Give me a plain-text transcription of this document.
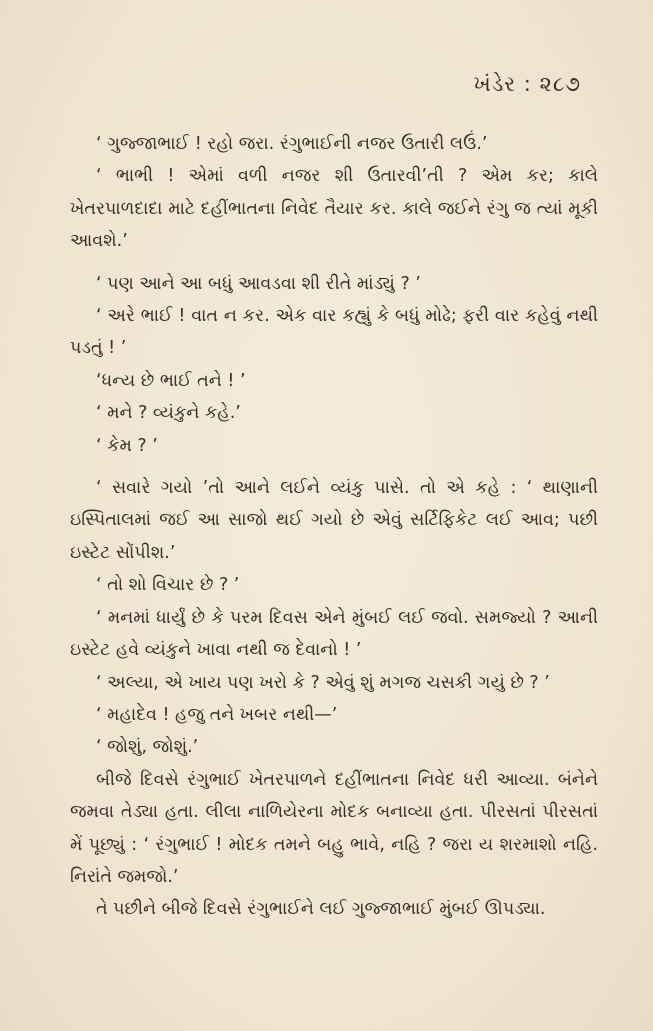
ખંડેર : ૨૮૭

‘ ગુજ્જાભાઈ ! રહો જરા. રંગુભાઈની નજર ઉતારી લઉં.’

‘ ભાભી ! એમાં વળી નજર શી ઉતારવી’તી ? એમ કર; કાલે ખેતરપાળદાદા માટે દહીંભાતના નિવેદ તૈયાર કર. કાલે જઈને રંગુ જ ત્યાં મૂકી આવશે.’

‘ પણ આને આ બધું આવડવા શી રીતે માંડ્યું ? ’

‘ અરે ભાઈ ! વાત ન કર. એક વાર કહ્યું કે બધું મોઢે; ફરી વાર કહેવું નથી પડતું ! ’

‘ધન્ય છે ભાઈ તને ! ’

‘ મને ? વ્યંકુને કહે.’

‘ કેમ ? ’

‘ સવારે ગયો ’તો આને લઈને વ્યંકુ પાસે. તો એ કહે : ‘ થાણાની ઇસ્પિતાલમાં જઈ આ સાજો થઈ ગયો છે એવું સર્ટિફિકેટ લઈ આવ; પછી ઇસ્ટેટ સોંપીશ.’

‘ તો શો વિચાર છે ? ’

‘ મનમાં ધાર્યું છે કે પરમ દિવસ એને મુંબઈ લઈ જવો. સમજ્યો ? આની ઇસ્ટેટ હવે વ્યંકુને ખાવા નથી જ દેવાનો ! ’

‘ અલ્યા, એ ખાય પણ ખરો કે ? એવું શું મગજ ચસકી ગયું છે ? ’

‘ મહાદેવ ! હજુ તને ખબર નથી—’

‘ જોશું, જોશું.’

બીજે દિવસે રંગુભાઈ ખેતરપાળને દહીંભાતના નિવેદ ધરી આવ્યા. બંનેને જમવા તેડ્યા હતા. લીલા નાળિયેરના મોદક બનાવ્યા હતા. પીરસતાં પીરસતાં મેં પૂછ્યું : ‘ રંગુભાઈ ! મોદક તમને બહુ ભાવે, નહિ ? જરા ય શરમાશો નહિ. નિરાંતે જમજો.’

તે પછીને બીજે દિવસે રંગુભાઈને લઈ ગુજ્જાભાઈ મુંબઈ ઊપડ્યા.
